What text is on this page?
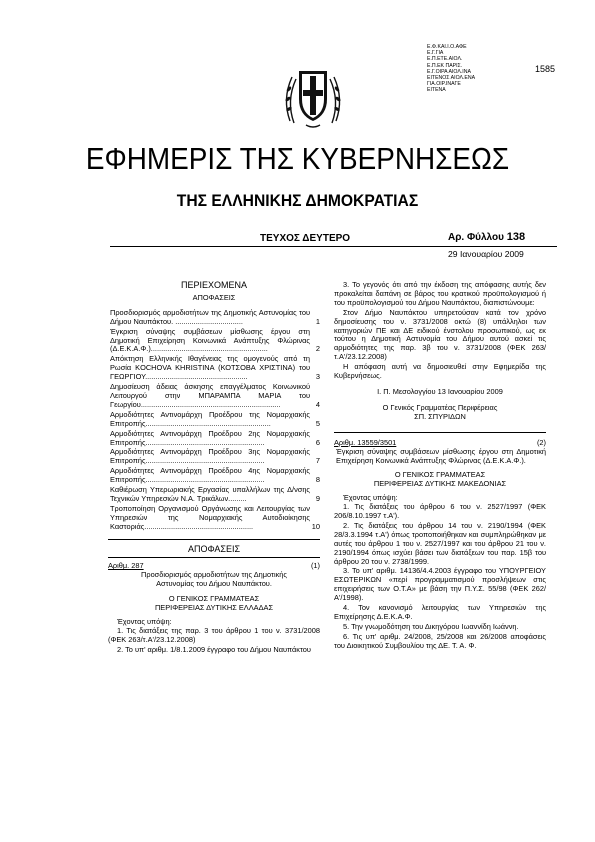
Ε.Φ.ΚΑΙ.Ι.Ο.ΑΦΕ
Ε.Γ.ΓΙΑ
Ε.Π.ΕΤΕ.ΑΙΟΛ.
Ε.Π.ΕΚ ΠΑΡΙΣ.
Ε.Γ.ΟΙΡΑ ΑΙΟΛ.ΙΝΑ
ΕΙΤΕΝΟΣ ΑΙΟΛ.ΕΝΑ
ΓΙΑ.ΟΙΡ.ΙΝΑΓΕ
ΕΙΤΕΝΑ
1585
ΕΦΗΜΕΡΙΣ ΤΗΣ ΚΥΒΕΡΝΗΣΕΩΣ
ΤΗΣ ΕΛΛΗΝΙΚΗΣ ΔΗΜΟΚΡΑΤΙΑΣ
ΤΕΥΧΟΣ ΔΕΥΤΕΡΟ	Αρ. Φύλλου 138
29 Ιανουαρίου 2009
ΠΕΡΙΕΧΟΜΕΝΑ
ΑΠΟΦΑΣΕΙΣ
Προσδιορισμός αρμοδιοτήτων της Δημοτικής Αστυνομίας του Δήμου Ναυπάκτου. .................................	1
Έγκριση σύναψης συμβάσεων μίσθωσης έργου στη Δημοτική Επιχείρηση Κοινωνικά Ανάπτυξης Φλώρινας (Δ.Ε.Κ.Α.Φ.).........................................................	2
Απόκτηση Ελληνικής Ιθαγένειας της ομογενούς από τη Ρωσία KOCHOVA KHRISTINA (ΚΟΤΣΟΒΑ ΧΡΙΣΤΙΝΑ) του ΓΕΩΡΓΙΟΥ..................................................	3
Δημοσίευση άδειας άσκησης επαγγέλματος Κοινωνικού Λειτουργού στην ΜΠΑΡΑΜΠΑ ΜΑΡΙΑ του Γεωργίου....................................................................	4
Αρμοδιότητες Αντινομάρχη Προέδρου της Νομαρχιακής Επιτροπής.............................................................	5
Αρμοδιότητες Αντινομάρχη Προέδρου 2ης Νομαρχιακής Επιτροπής..........................................................	6
Αρμοδιότητες Αντινομάρχη Προέδρου 3ης Νομαρχιακής Επιτροπής..........................................................	7
Αρμοδιότητες Αντινομάρχη Προέδρου 4ης Νομαρχιακής Επιτροπής..........................................................	8
Καθιέρωση Υπερωριακής Εργασίας υπαλλήλων της Δ/νσης Τεχνικών Υπηρεσιών Ν.Α. Τρικάλων.........	9
Τροποποίηση Οργανισμού Οργάνωσης και Λειτουργίας των Υπηρεσιών της Νομαρχιακής Αυτοδιοίκησης Καστοριάς.....................................................	10
ΑΠΟΦΑΣΕΙΣ
Αριθμ. 287	(1)
Προσδιορισμός αρμοδιοτήτων της Δημοτικής Αστυνομίας του Δήμου Ναυπάκτου.
Ο ΓΕΝΙΚΟΣ ΓΡΑΜΜΑΤΕΑΣ
ΠΕΡΙΦΕΡΕΙΑΣ ΔΥΤΙΚΗΣ ΕΛΛΑΔΑΣ
Έχοντας υπόψη:
1. Τις διατάξεις της παρ. 3 του άρθρου 1 του ν. 3731/2008 (ΦΕΚ 263/τ.Α'/23.12.2008)
2. Το υπ' αριθμ. 1/8.1.2009 έγγραφο του Δήμου Ναυπάκτου
3. Το γεγονός ότι από την έκδοση της απόφασης αυτής δεν προκαλείται δαπάνη σε βάρος του κρατικού προϋπολογισμού ή του προϋπολογισμού του Δήμου Ναυπάκτου, διαπιστώνουμε:
Στον Δήμο Ναυπάκτου υπηρετούσαν κατά τον χρόνο δημοσίευσης του ν. 3731/2008 οκτώ (8) υπάλληλοι των κατηγοριών ΠΕ και ΔΕ ειδικού ένστολου προσωπικού, ως εκ τούτου η Δημοτική Αστυνομία του Δήμου αυτού ασκεί τις αρμοδιότητες της παρ. 3β του ν. 3731/2008 (ΦΕΚ 263/τ.Α'/23.12.2008)
Η απόφαση αυτή να δημοσιευθεί στην Εφημερίδα της Κυβερνήσεως.
Ι. Π. Μεσολογγίου 13 Ιανουαρίου 2009
Ο Γενικός Γραμματέας Περιφέρειας
ΣΠ. ΣΠΥΡΙΔΩΝ
Αριθμ. 13559/3501	(2)
Έγκριση σύναψης συμβάσεων μίσθωσης έργου στη Δημοτική Επιχείρηση Κοινωνικά Ανάπτυξης Φλώρινας (Δ.Ε.Κ.Α.Φ.).
Ο ΓΕΝΙΚΟΣ ΓΡΑΜΜΑΤΕΑΣ
ΠΕΡΙΦΕΡΕΙΑΣ ΔΥΤΙΚΗΣ ΜΑΚΕΔΟΝΙΑΣ
Έχοντας υπόψη:
1. Τις διατάξεις του άρθρου 6 του ν. 2527/1997 (ΦΕΚ 206/8.10.1997 τ.Α').
2. Τις διατάξεις του άρθρου 14 του ν. 2190/1994 (ΦΕΚ 28/3.3.1994 τ.Α') όπως τροποποιήθηκαν και συμπληρώθηκαν με αυτές του άρθρου 1 του ν. 2527/1997 και του άρθρου 21 του ν. 2190/1994 όπως ισχύει βάσει των διατάξεων του παρ. 15β του άρθρου 20 του ν. 2738/1999.
3. Το υπ' αριθμ. 14136/4.4.2003 έγγραφο του ΥΠΟΥΡΓΕΙΟΥ ΕΣΩΤΕΡΙΚΩΝ «περί προγραμματισμού προσλήψεων στις επιχειρήσεις των Ο.Τ.Α» με βάση την Π.Υ.Σ. 55/98 (ΦΕΚ 262/Α'/1998).
4. Τον κανονισμό λειτουργίας των Υπηρεσιών της Επιχείρησης Δ.Ε.Κ.Α.Φ.
5. Την γνωμοδότηση του Δικηγόρου Ιωαννίδη Ιωάννη.
6. Τις υπ' αριθμ. 24/2008, 25/2008 και 26/2008 αποφάσεις του Διοικητικού Συμβουλίου της ΔΕ. Τ. Α. Φ.
